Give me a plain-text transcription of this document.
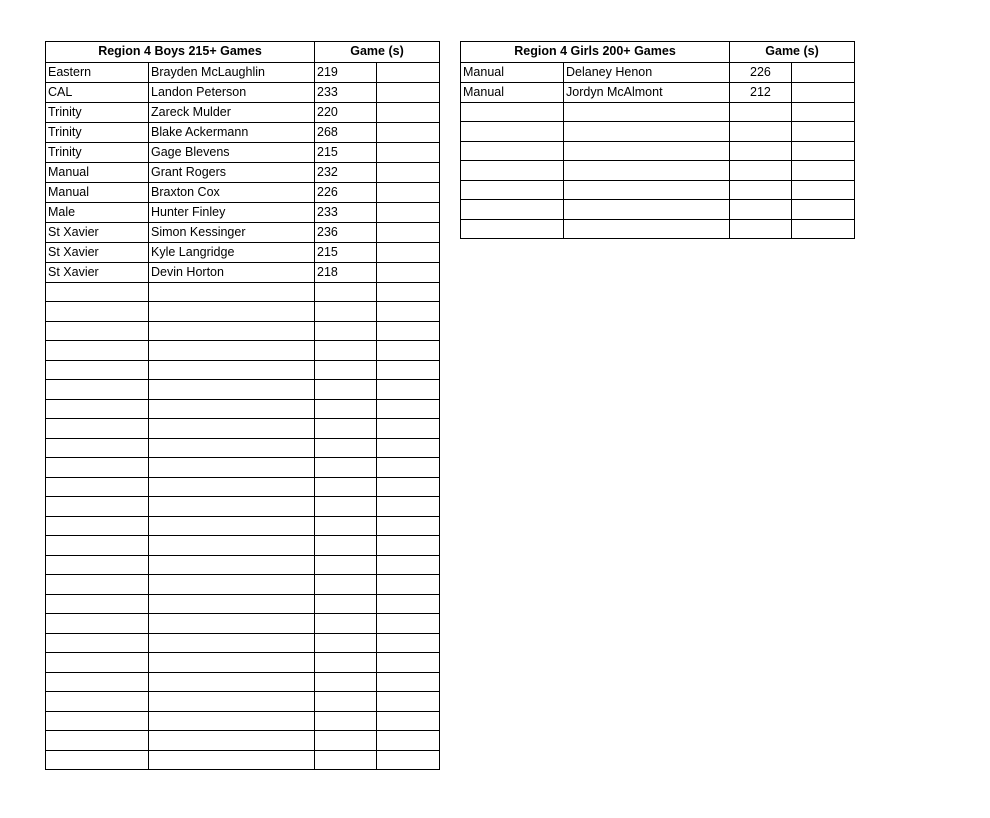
Region 4 Boys 215+ Games		Game (s)	
Eastern	Brayden McLaughlin	219	
CAL	Landon Peterson	233	
Trinity	Zareck Mulder	220	
Trinity	Blake Ackermann	268	
Trinity	Gage Blevens	215	
Manual	Grant Rogers	232	
Manual	Braxton Cox	226	
Male	Hunter Finley	233	
St Xavier	Simon Kessinger	236	
St Xavier	Kyle Langridge	215	
St Xavier	Devin Horton	218	

Region 4 Girls 200+ Games		Game (s)	
Manual	Delaney Henon	226	
Manual	Jordyn McAlmont	212	
